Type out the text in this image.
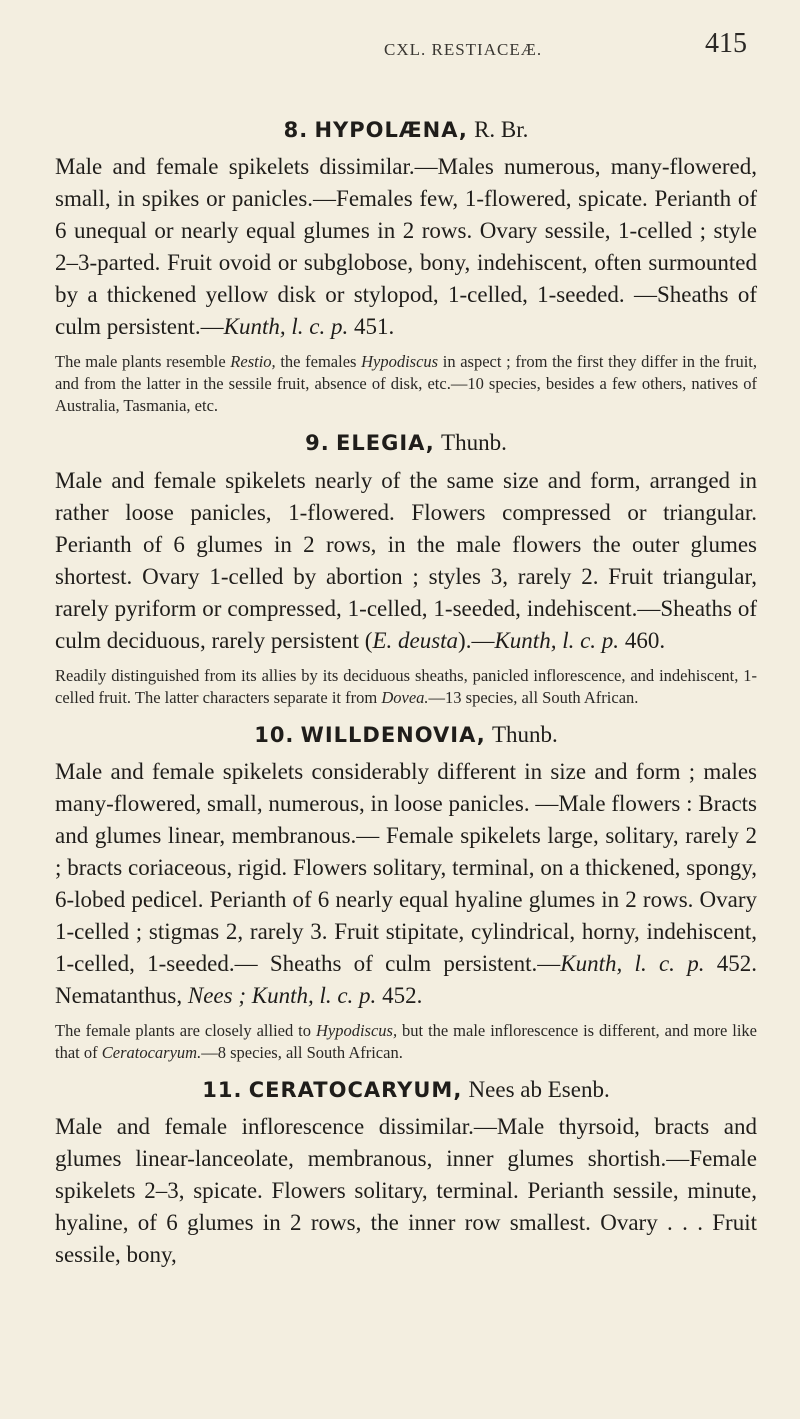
CXL. RESTIACEÆ.	415
8. HYPOLÆNA, R. Br.

Male and female spikelets dissimilar.—Males numerous, many-flowered, small, in spikes or panicles.—Females few, 1-flowered, spicate. Perianth of 6 unequal or nearly equal glumes in 2 rows. Ovary sessile, 1-celled ; style 2–3-parted. Fruit ovoid or subglobose, bony, indehiscent, often surmounted by a thickened yellow disk or stylopod, 1-celled, 1-seeded. —Sheaths of culm persistent.—Kunth, l. c. p. 451.

The male plants resemble Restio, the females Hypodiscus in aspect ; from the first they differ in the fruit, and from the latter in the sessile fruit, absence of disk, etc.—10 species, besides a few others, natives of Australia, Tasmania, etc.

9. ELEGIA, Thunb.

Male and female spikelets nearly of the same size and form, arranged in rather loose panicles, 1-flowered. Flowers compressed or triangular. Perianth of 6 glumes in 2 rows, in the male flowers the outer glumes shortest. Ovary 1-celled by abortion ; styles 3, rarely 2. Fruit triangular, rarely pyriform or compressed, 1-celled, 1-seeded, indehiscent.—Sheaths of culm deciduous, rarely persistent (E. deusta).—Kunth, l. c. p. 460.

Readily distinguished from its allies by its deciduous sheaths, panicled inflorescence, and indehiscent, 1-celled fruit. The latter characters separate it from Dovea.—13 species, all South African.

10. WILLDENOVIA, Thunb.

Male and female spikelets considerably different in size and form ; males many-flowered, small, numerous, in loose panicles. —Male flowers : Bracts and glumes linear, membranous.— Female spikelets large, solitary, rarely 2 ; bracts coriaceous, rigid. Flowers solitary, terminal, on a thickened, spongy, 6-lobed pedicel. Perianth of 6 nearly equal hyaline glumes in 2 rows. Ovary 1-celled ; stigmas 2, rarely 3. Fruit stipitate, cylindrical, horny, indehiscent, 1-celled, 1-seeded.— Sheaths of culm persistent.—Kunth, l. c. p. 452. Nematanthus, Nees ; Kunth, l. c. p. 452.

The female plants are closely allied to Hypodiscus, but the male inflorescence is different, and more like that of Ceratocaryum.—8 species, all South African.

11. CERATOCARYUM, Nees ab Esenb.

Male and female inflorescence dissimilar.—Male thyrsoid, bracts and glumes linear-lanceolate, membranous, inner glumes shortish.—Female spikelets 2–3, spicate. Flowers solitary, terminal. Perianth sessile, minute, hyaline, of 6 glumes in 2 rows, the inner row smallest. Ovary . . . Fruit sessile, bony,
